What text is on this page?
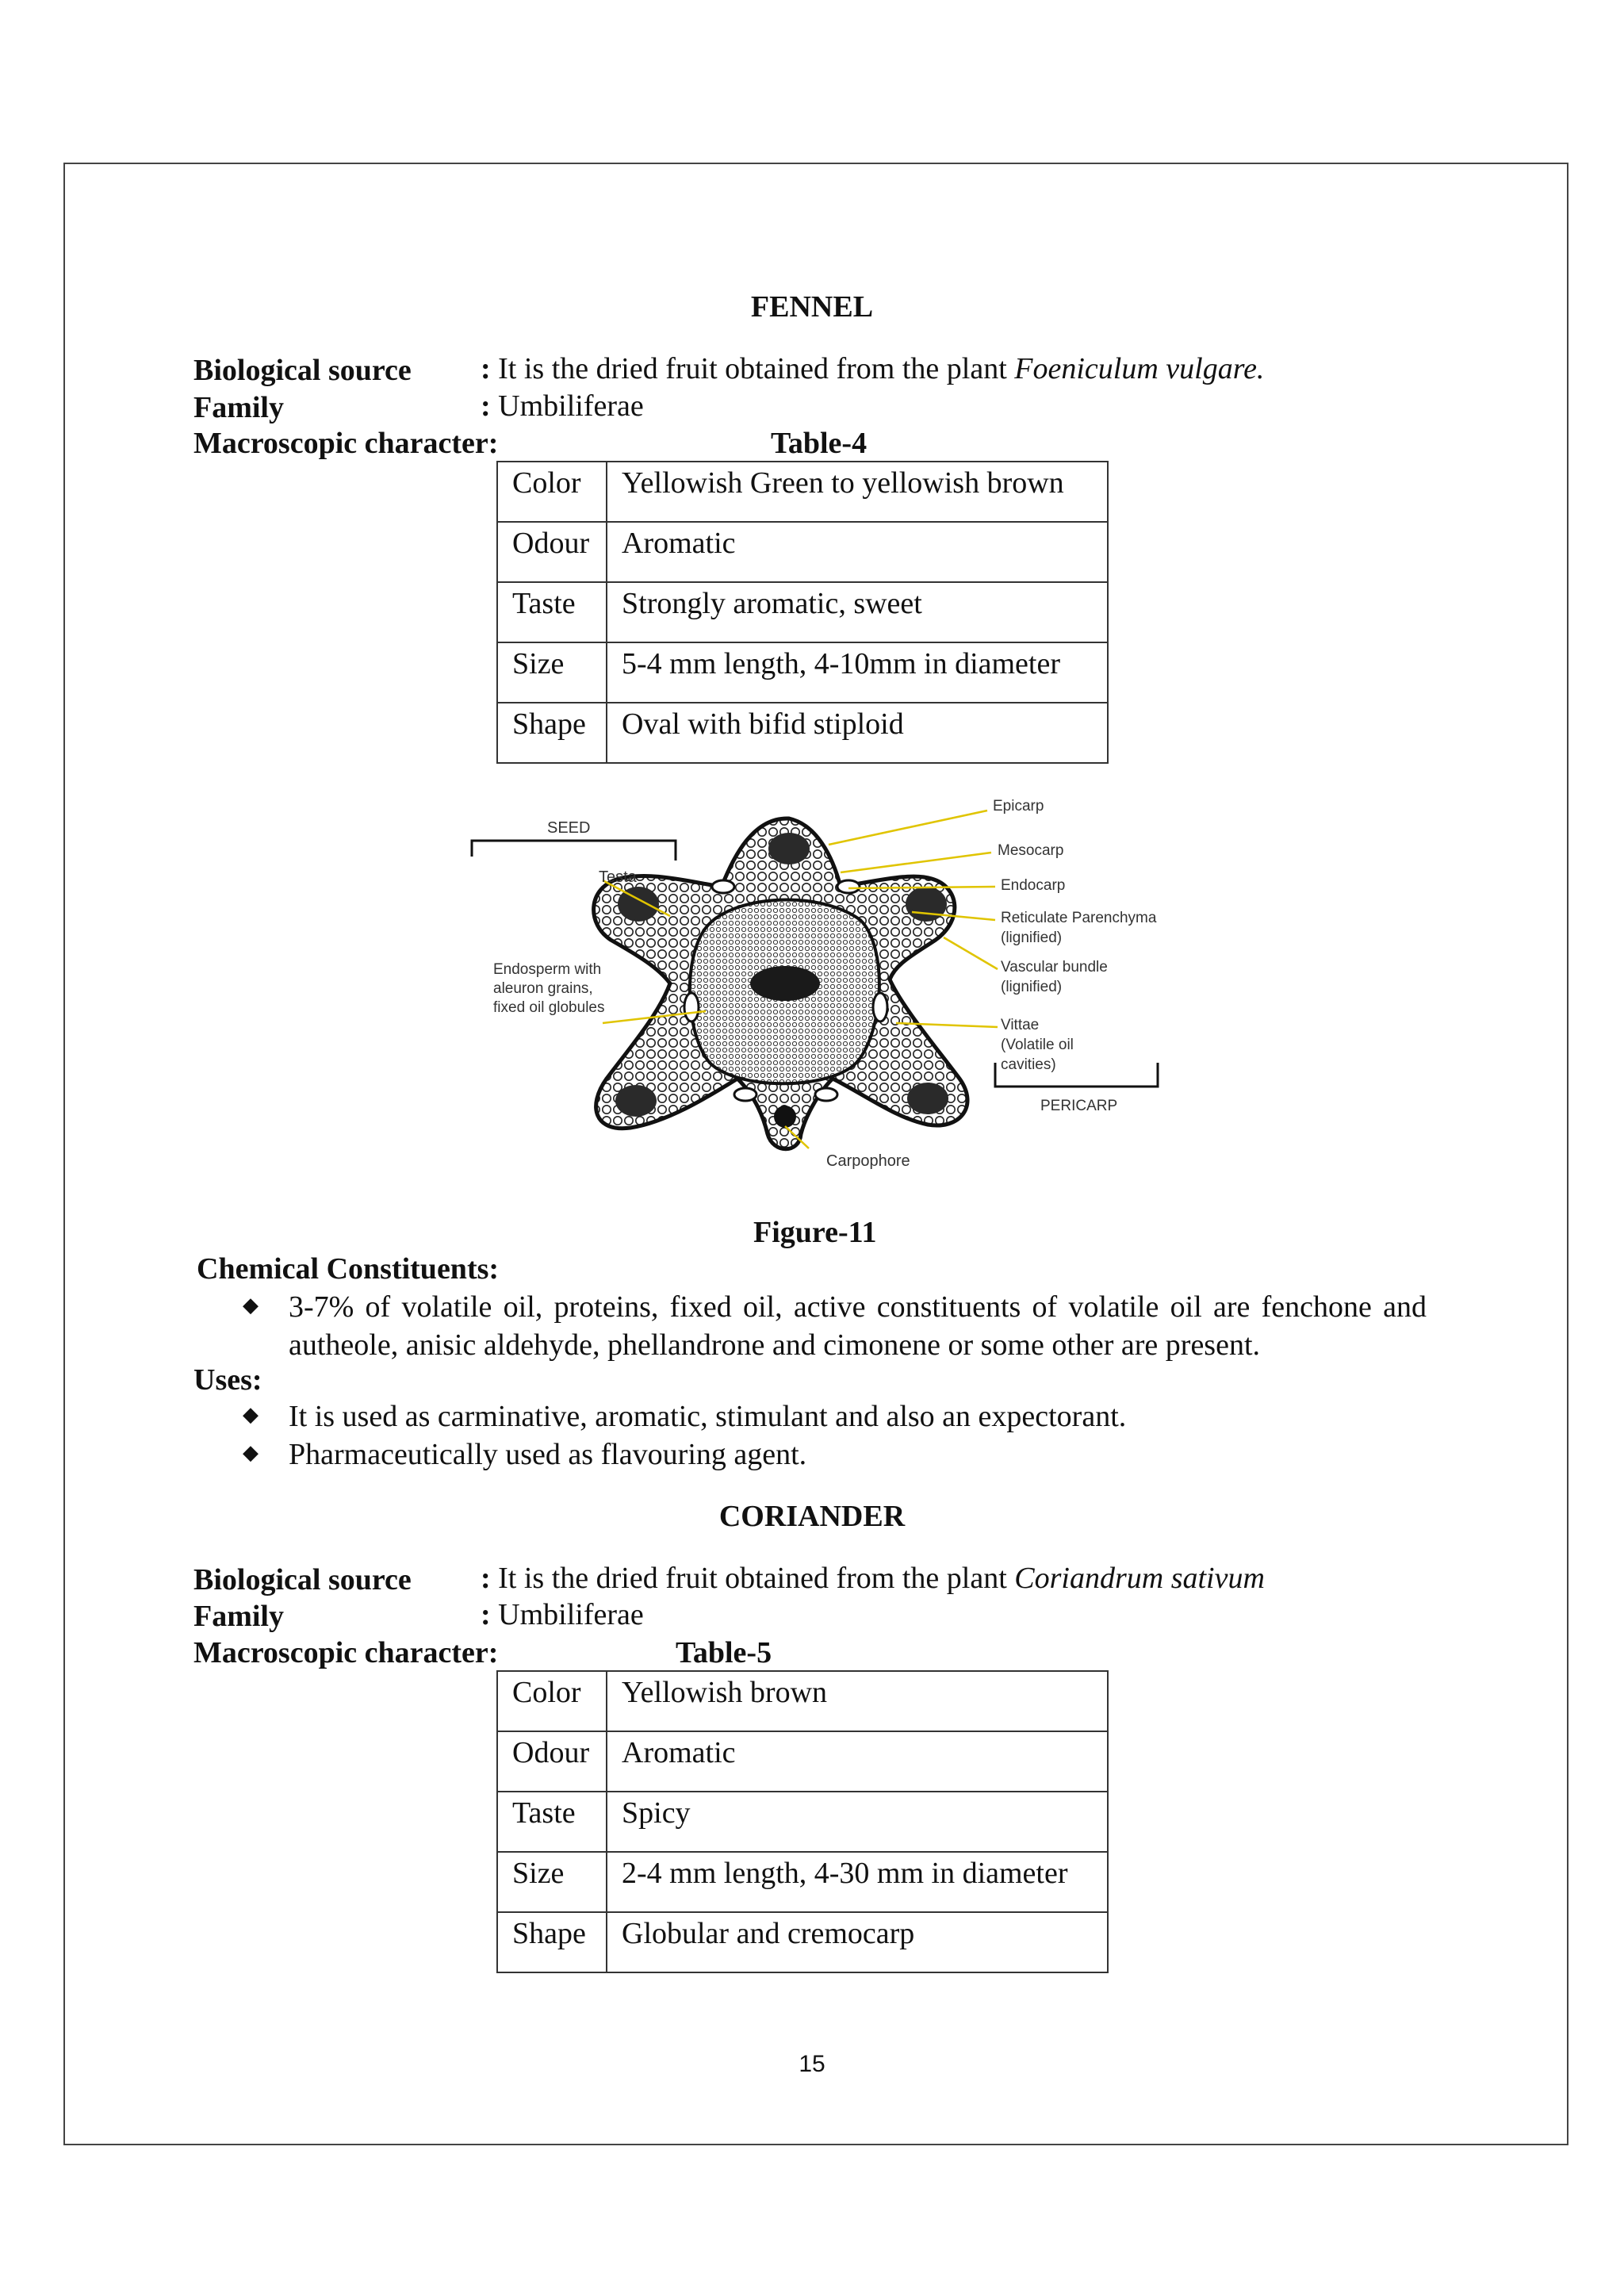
FENNEL
Biological source : It is the dried fruit obtained from the plant Foeniculum vulgare.
Family	: Umbiliferae
Macroscopic character:	Table-4
Color	Yellowish Green to yellowish brown
Odour	Aromatic
Taste	Strongly aromatic, sweet
Size	5-4 mm length, 4-10mm in diameter
Shape	Oval with bifid stiploid
SEED
PERICARP
Testa
Endosperm with
aleuron grains,
fixed oil globules
Epicarp
Mesocarp
Endocarp
Reticulate Parenchyma
(lignified)
Vascular bundle
(lignified)
Vittae
(Volatile oil
cavities)
Carpophore
Figure-11
Chemical Constituents:
◆ 3-7% of volatile oil, proteins, fixed oil, active constituents of volatile oil are fenchone and autheole, anisic aldehyde, phellandrone and cimonene or some other are present.
Uses:
◆ It is used as carminative, aromatic, stimulant and also an expectorant.
◆ Pharmaceutically used as flavouring agent.
CORIANDER
Biological source : It is the dried fruit obtained from the plant Coriandrum sativum
Family	: Umbiliferae
Macroscopic character:	Table-5
Color	Yellowish brown
Odour	Aromatic
Taste	Spicy
Size	2-4 mm length, 4-30 mm in diameter
Shape	Globular and cremocarp
15
